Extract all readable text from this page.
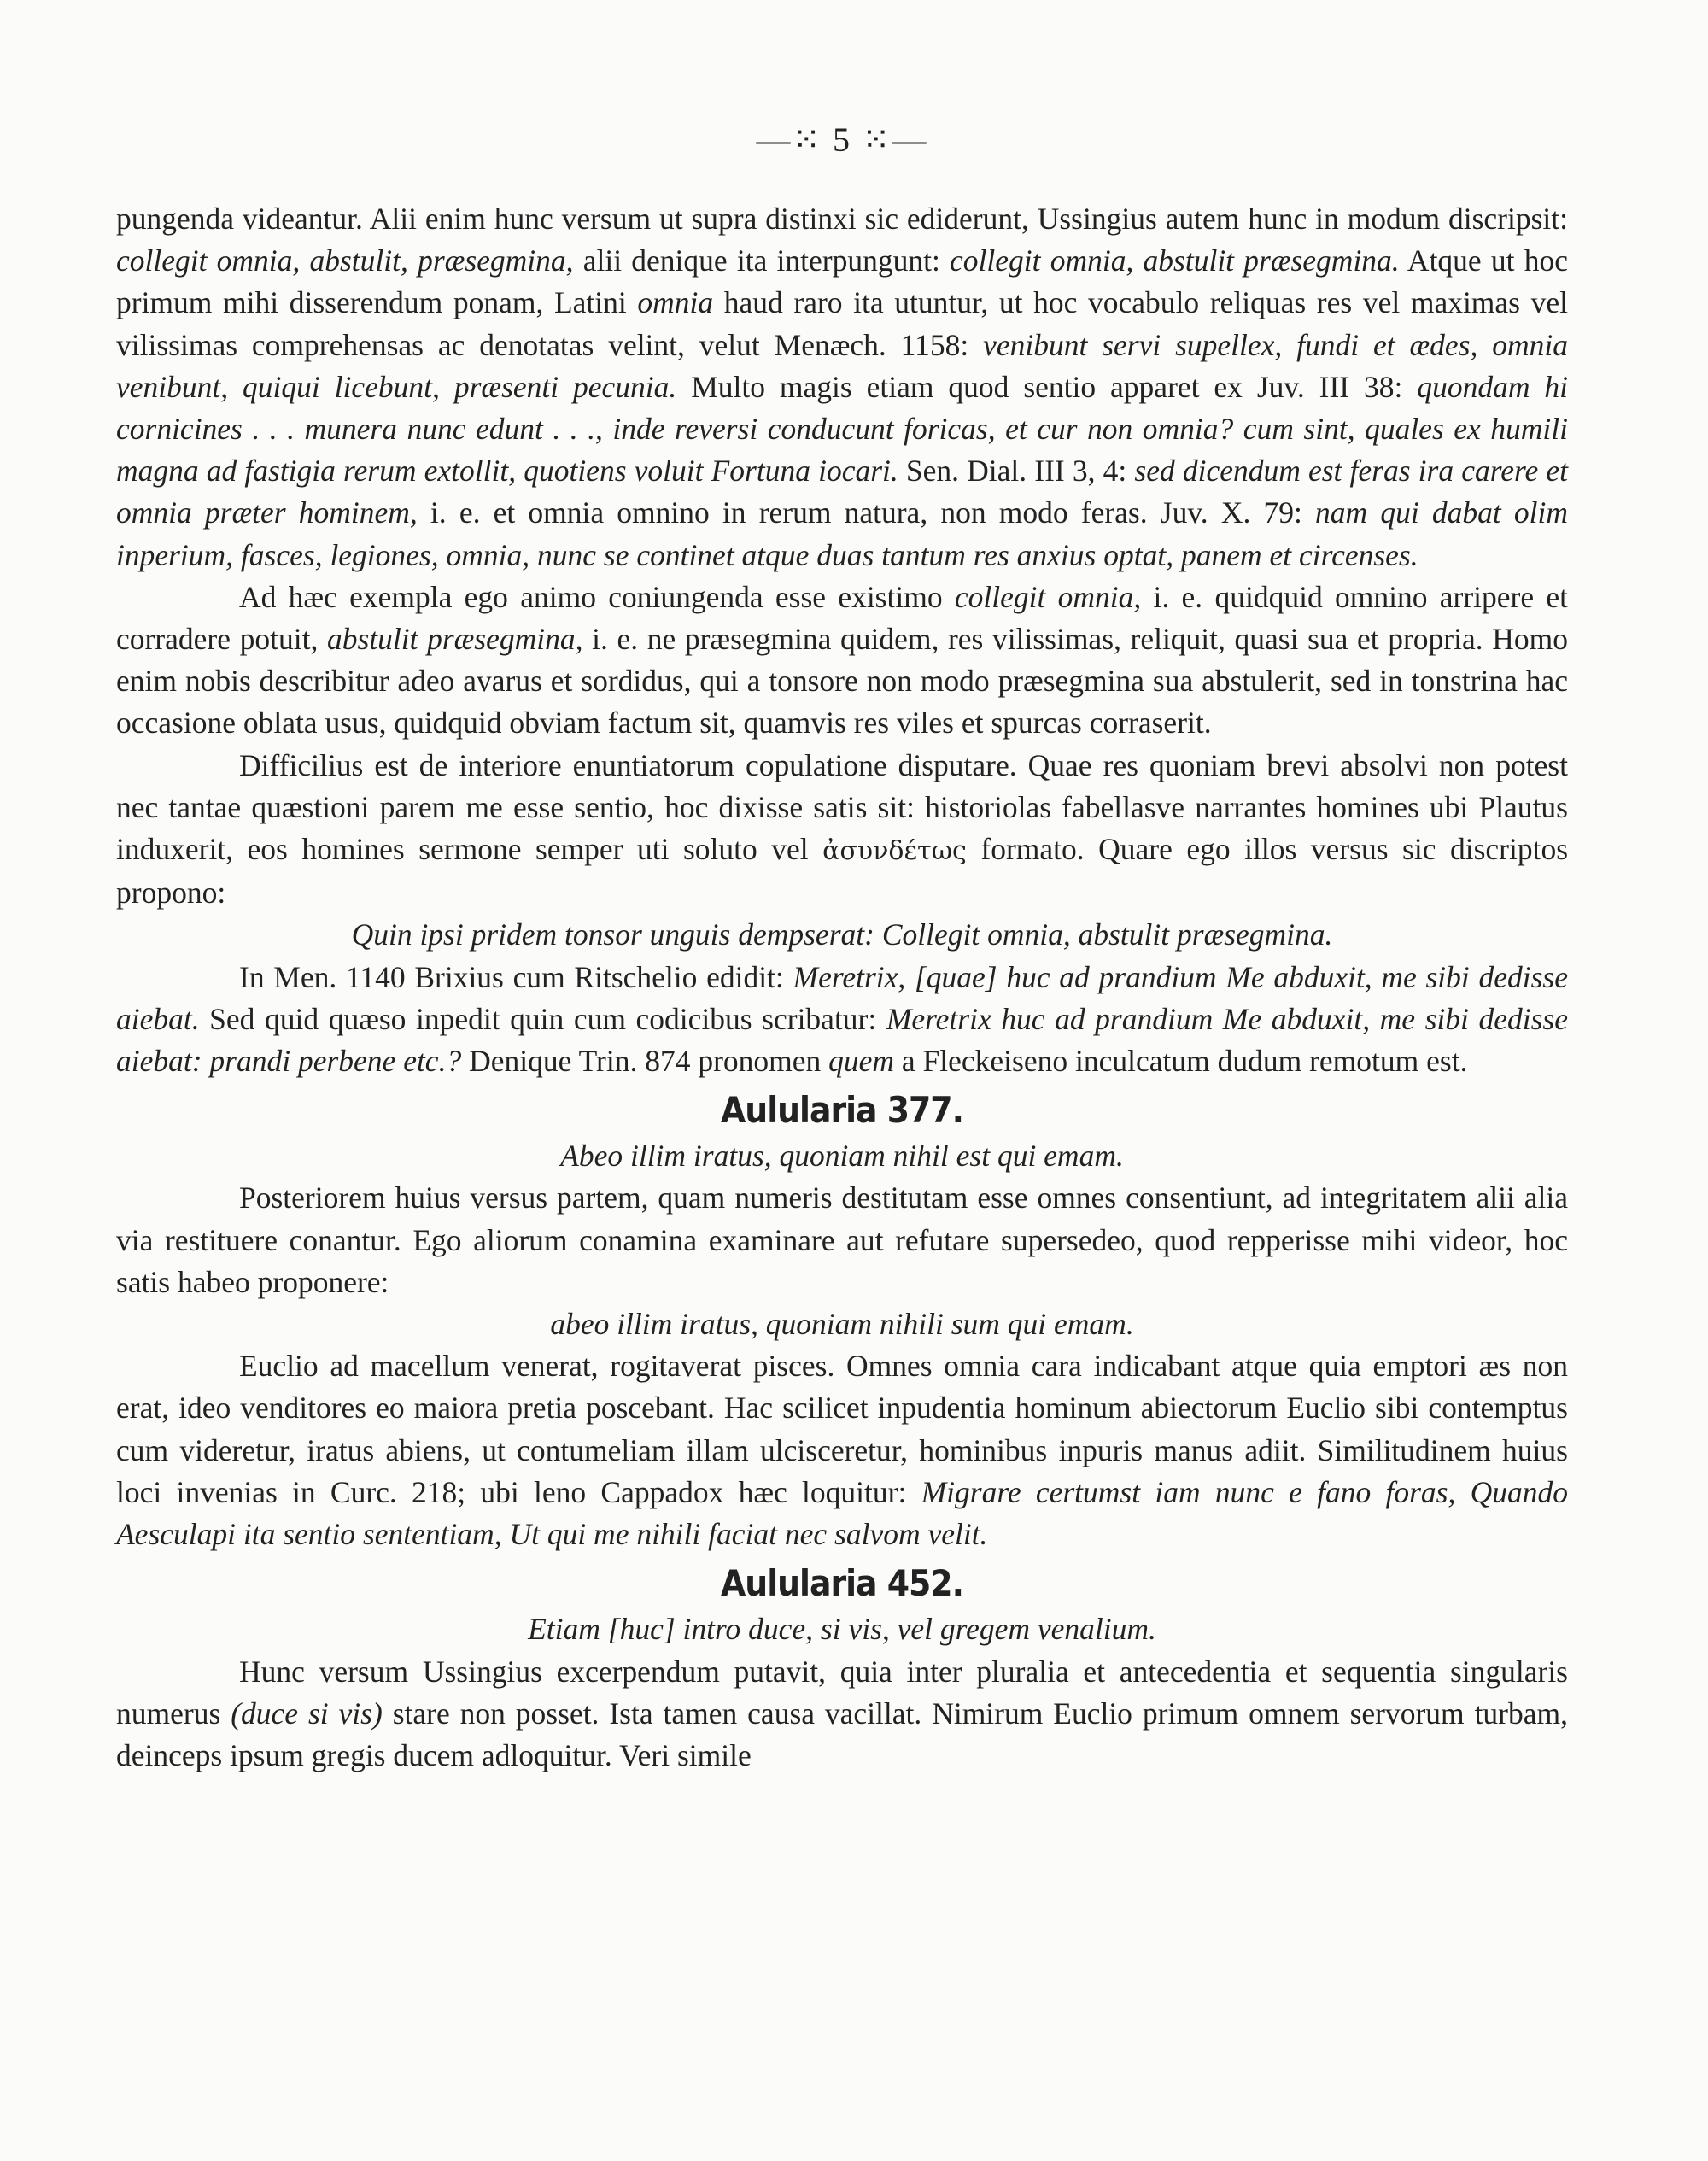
—⁙ 5 ⁙—

pungenda videantur. Alii enim hunc versum ut supra distinxi sic ediderunt, Ussingius autem hunc in modum discripsit: collegit omnia, abstulit, præsegmina, alii denique ita interpungunt: collegit omnia, abstulit præsegmina. Atque ut hoc primum mihi disserendum ponam, Latini omnia haud raro ita utuntur, ut hoc vocabulo reliquas res vel maximas vel vilissimas comprehensas ac denotatas velint, velut Menæch. 1158: venibunt servi supellex, fundi et ædes, omnia venibunt, quiqui licebunt, præsenti pecunia. Multo magis etiam quod sentio apparet ex Juv. III 38: quondam hi cornicines . . . munera nunc edunt . . ., inde reversi conducunt foricas, et cur non omnia? cum sint, quales ex humili magna ad fastigia rerum extollit, quotiens voluit Fortuna iocari. Sen. Dial. III 3, 4: sed dicendum est feras ira carere et omnia præter hominem, i. e. et omnia omnino in rerum natura, non modo feras. Juv. X. 79: nam qui dabat olim inperium, fasces, legiones, omnia, nunc se continet atque duas tantum res anxius optat, panem et circenses.

Ad hæc exempla ego animo coniungenda esse existimo collegit omnia, i. e. quidquid omnino arripere et corradere potuit, abstulit præsegmina, i. e. ne præsegmina quidem, res vilissimas, reliquit, quasi sua et propria. Homo enim nobis describitur adeo avarus et sordidus, qui a tonsore non modo præsegmina sua abstulerit, sed in tonstrina hac occasione oblata usus, quidquid obviam factum sit, quamvis res viles et spurcas corraserit.

Difficilius est de interiore enuntiatorum copulatione disputare. Quae res quoniam brevi absolvi non potest nec tantae quæstioni parem me esse sentio, hoc dixisse satis sit: historiolas fabellasve narrantes homines ubi Plautus induxerit, eos homines sermone semper uti soluto vel ἀσυνδέτως formato. Quare ego illos versus sic discriptos propono:

Quin ipsi pridem tonsor unguis dempserat: Collegit omnia, abstulit præsegmina.

In Men. 1140 Brixius cum Ritschelio edidit: Meretrix, [quae] huc ad prandium Me abduxit, me sibi dedisse aiebat. Sed quid quæso inpedit quin cum codicibus scribatur: Meretrix huc ad prandium Me abduxit, me sibi dedisse aiebat: prandi perbene etc.? Denique Trin. 874 pronomen quem a Fleckeiseno inculcatum dudum remotum est.

Aulularia 377.

Abeo illim iratus, quoniam nihil est qui emam.

Posteriorem huius versus partem, quam numeris destitutam esse omnes consentiunt, ad integritatem alii alia via restituere conantur. Ego aliorum conamina examinare aut refutare supersedeo, quod repperisse mihi videor, hoc satis habeo proponere:

abeo illim iratus, quoniam nihili sum qui emam.

Euclio ad macellum venerat, rogitaverat pisces. Omnes omnia cara indicabant atque quia emptori æs non erat, ideo venditores eo maiora pretia poscebant. Hac scilicet inpudentia hominum abiectorum Euclio sibi contemptus cum videretur, iratus abiens, ut contumeliam illam ulcisceretur, hominibus inpuris manus adiit. Similitudinem huius loci invenias in Curc. 218; ubi leno Cappadox hæc loquitur: Migrare certumst iam nunc e fano foras, Quando Aesculapi ita sentio sententiam, Ut qui me nihili faciat nec salvom velit.

Aulularia 452.

Etiam [huc] intro duce, si vis, vel gregem venalium.

Hunc versum Ussingius excerpendum putavit, quia inter pluralia et antecedentia et sequentia singularis numerus (duce si vis) stare non posset. Ista tamen causa vacillat. Nimirum Euclio primum omnem servorum turbam, deinceps ipsum gregis ducem adloquitur. Veri simile
